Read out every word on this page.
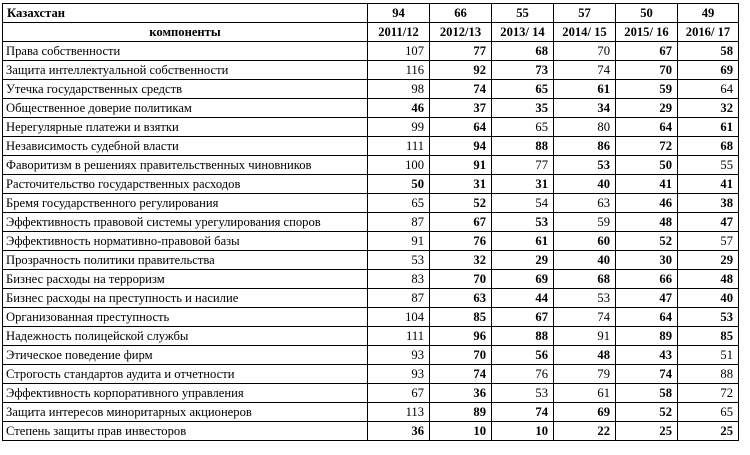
Казахстан	94	66	55	57	50	49
компоненты	2011/12	2012/13	2013/ 14	2014/ 15	2015/ 16	2016/ 17
Права собственности	107	77	68	70	67	58
Защита интеллектуальной собственности	116	92	73	74	70	69
Утечка государственных средств	98	74	65	61	59	64
Общественное доверие политикам	46	37	35	34	29	32
Нерегулярные платежи и взятки	99	64	65	80	64	61
Независимость судебной власти	111	94	88	86	72	68
Фаворитизм в решениях правительственных чиновников	100	91	77	53	50	55
Расточительство государственных расходов	50	31	31	40	41	41
Бремя государственного регулирования	65	52	54	63	46	38
Эффективность правовой системы урегулирования споров	87	67	53	59	48	47
Эффективность нормативно-правовой базы	91	76	61	60	52	57
Прозрачность политики правительства	53	32	29	40	30	29
Бизнес расходы на терроризм	83	70	69	68	66	48
Бизнес расходы на преступность и насилие	87	63	44	53	47	40
Организованная преступность	104	85	67	74	64	53
Надежность полицейской службы	111	96	88	91	89	85
Этическое поведение фирм	93	70	56	48	43	51
Строгость стандартов аудита и отчетности	93	74	76	79	74	88
Эффективность корпоративного управления	67	36	53	61	58	72
Защита интересов миноритарных акционеров	113	89	74	69	52	65
Степень защиты прав инвесторов	36	10	10	22	25	25
